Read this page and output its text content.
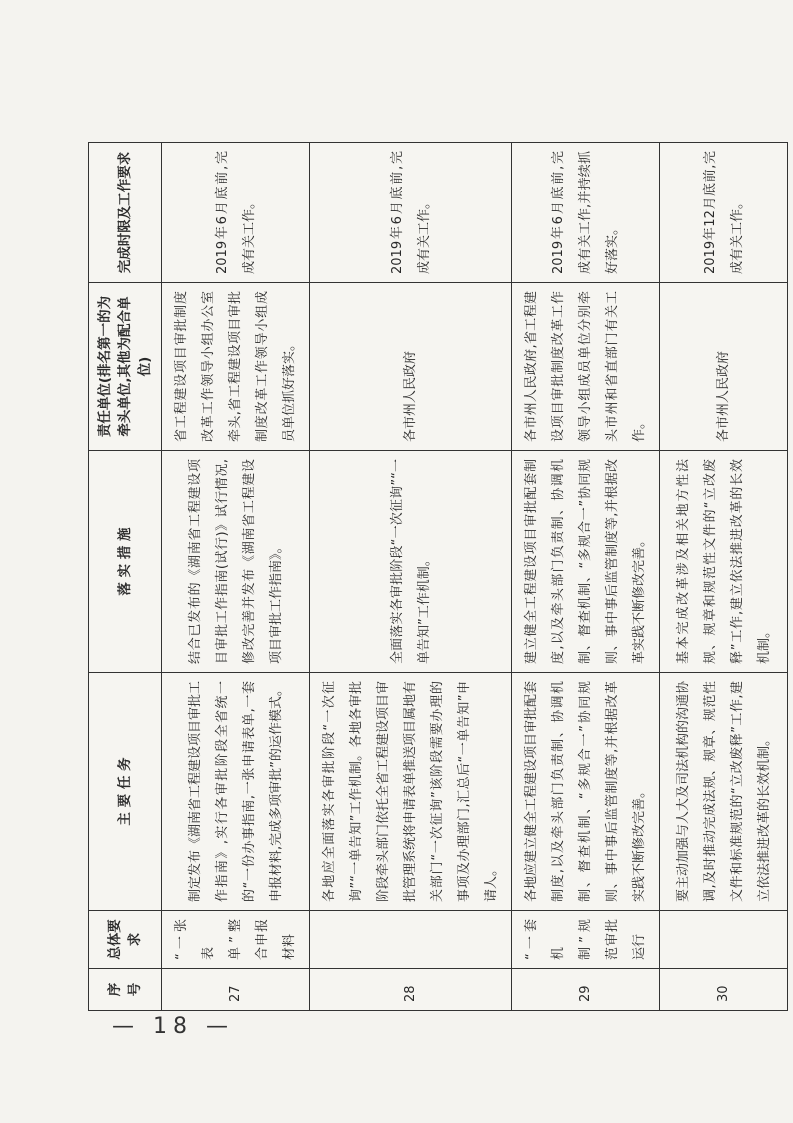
序号	总体要求	主 要 任 务	落 实 措 施	责任单位(排名第一的为牵头单位,其他为配合单位)	完成时限及工作要求
27	“一张表单”整合申报材料	制定发布《湖南省工程建设项目审批工作指南》,实行各审批阶段全省统一的“一份办事指南,一张申请表单,一套申报材料,完成多项审批”的运作模式。	结合已发布的《湖南省工程建设项目审批工作指南(试行)》试行情况,修改完善并发布《湖南省工程建设项目审批工作指南》。	省工程建设项目审批制度改革工作领导小组办公室牵头,省工程建设项目审批制度改革工作领导小组成员单位抓好落实。	2019年6月底前,完成有关工作。
28		各地应全面落实各审批阶段“一次征询”“一单告知”工作机制。各地各审批阶段牵头部门依托全省工程建设项目审批管理系统将申请表单推送项目属地有关部门“一次征询”该阶段需要办理的事项及办理部门,汇总后“一单告知”申请人。	全面落实各审批阶段“一次征询”“一单告知”工作机制。	各市州人民政府	2019年6月底前,完成有关工作。
29	“一套机制”规范审批运行	各地应建立健全工程建设项目审批配套制度,以及牵头部门负责制、协调机制、督查机制、“多规合一”协同规则、事中事后监管制度等,并根据改革实践不断修改完善。	建立健全工程建设项目审批配套制度,以及牵头部门负责制、协调机制、督查机制、“多规合一”协同规则、事中事后监管制度等,并根据改革实践不断修改完善。	各市州人民政府,省工程建设项目审批制度改革工作领导小组成员单位分别牵头市州和省直部门有关工作。	2019年6月底前,完成有关工作,并持续抓好落实。
30		要主动加强与人大及司法机构的沟通协调,及时推动完成法规、规章、规范性文件和标准规范的“立改废释”工作,建立依法推进改革的长效机制。	基本完成改革涉及相关地方性法规、规章和规范性文件的“立改废释”工作,建立依法推进改革的长效机制。	各市州人民政府	2019年12月底前,完成有关工作。
— 18 —
